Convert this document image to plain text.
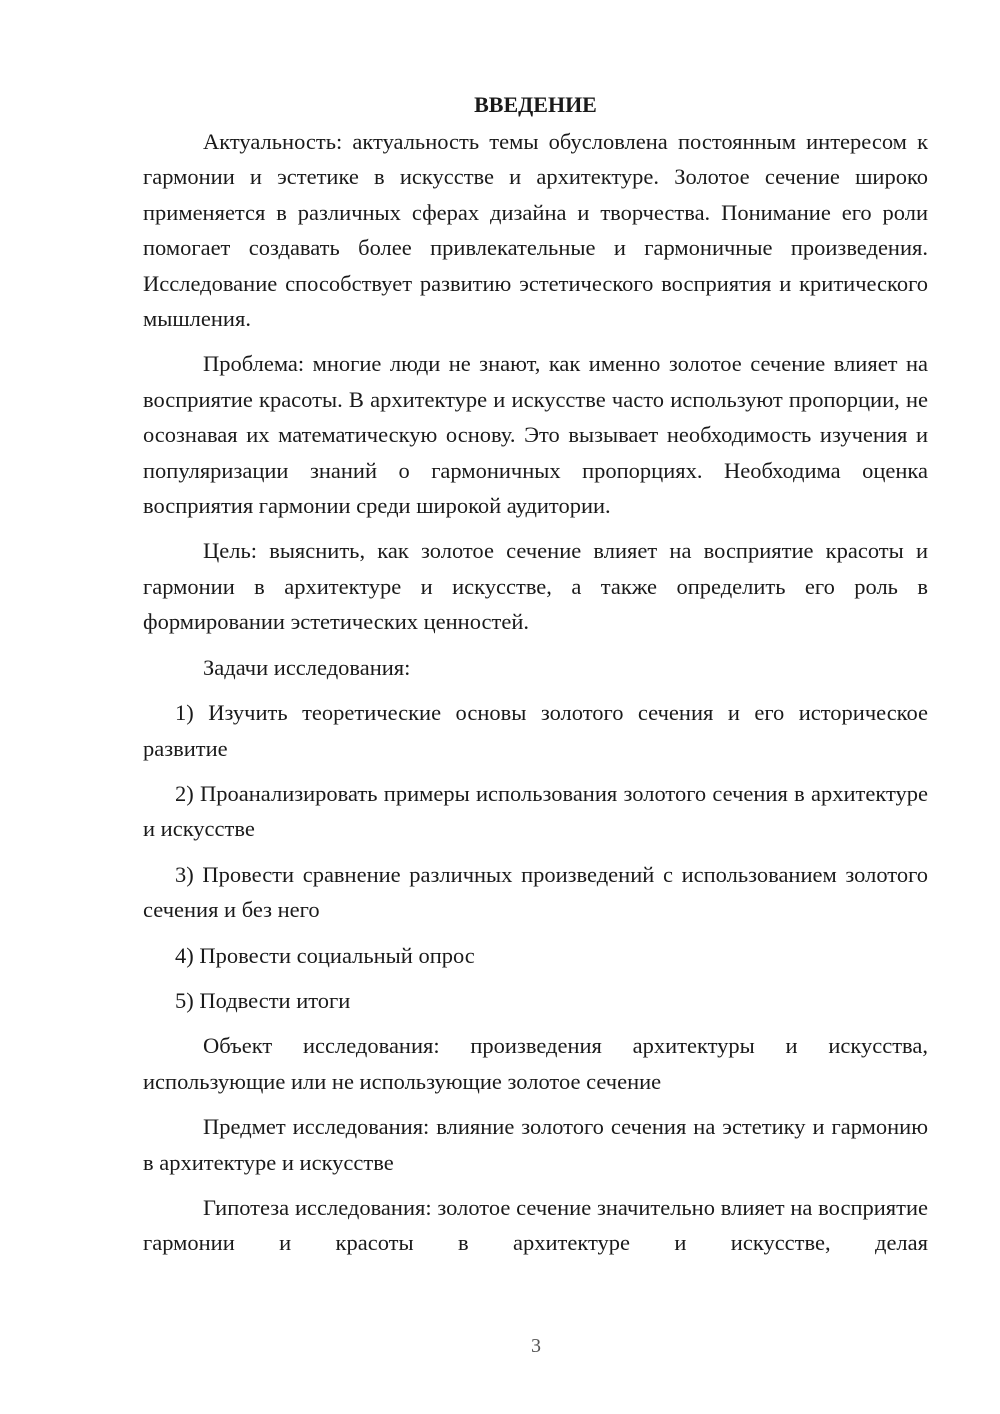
ВВЕДЕНИЕ

Актуальность: актуальность темы обусловлена постоянным интересом к гармонии и эстетике в искусстве и архитектуре. Золотое сечение широко применяется в различных сферах дизайна и творчества. Понимание его роли помогает создавать более привлекательные и гармоничные произведения. Исследование способствует развитию эстетического восприятия и критического мышления.

Проблема: многие люди не знают, как именно золотое сечение влияет на восприятие красоты. В архитектуре и искусстве часто используют пропорции, не осознавая их математическую основу. Это вызывает необходимость изучения и популяризации знаний о гармоничных пропорциях. Необходима оценка восприятия гармонии среди широкой аудитории.

Цель: выяснить, как золотое сечение влияет на восприятие красоты и гармонии в архитектуре и искусстве, а также определить его роль в формировании эстетических ценностей.

Задачи исследования:

1) Изучить теоретические основы золотого сечения и его историческое развитие

2) Проанализировать примеры использования золотого сечения в архитектуре и искусстве

3) Провести сравнение различных произведений с использованием золотого сечения и без него

4) Провести социальный опрос

5) Подвести итоги

Объект исследования: произведения архитектуры и искусства, использующие или не использующие золотое сечение

Предмет исследования: влияние золотого сечения на эстетику и гармонию в архитектуре и искусстве

Гипотеза исследования: золотое сечение значительно влияет на восприятие гармонии и красоты в архитектуре и искусстве, делая

3
